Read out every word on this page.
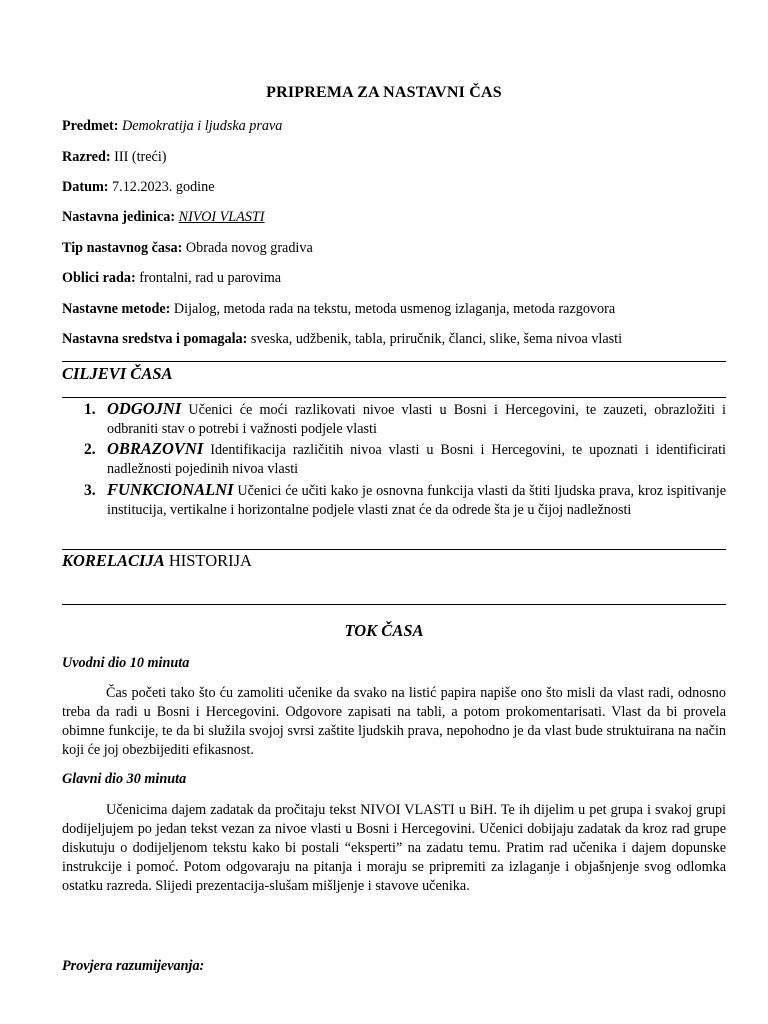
PRIPREMA ZA NASTAVNI ČAS
Predmet: Demokratija i ljudska prava
Razred: III (treći)
Datum: 7.12.2023. godine
Nastavna jedinica: NIVOI VLASTI
Tip nastavnog časa: Obrada novog gradiva
Oblici rada: frontalni, rad u parovima
Nastavne metode: Dijalog, metoda rada na tekstu, metoda usmenog izlaganja, metoda razgovora
Nastavna sredstva i pomagala: sveska, udžbenik, tabla, priručnik, članci, slike, šema nivoa vlasti
CILJEVI ČASA
1. ODGOJNI Učenici će moći razlikovati nivoe vlasti u Bosni i Hercegovini, te zauzeti, obrazložiti i odbraniti stav o potrebi i važnosti podjele vlasti
2. OBRAZOVNI Identifikacija različitih nivoa vlasti u Bosni i Hercegovini, te upoznati i identificirati nadležnosti pojedinih nivoa vlasti
3. FUNKCIONALNI Učenici će učiti kako je osnovna funkcija vlasti da štiti ljudska prava, kroz ispitivanje institucija, vertikalne i horizontalne podjele vlasti znat će da odrede šta je u čijoj nadležnosti
KORELACIJA HISTORIJA
TOK ČASA
Uvodni dio 10 minuta
Čas početi tako što ću zamoliti učenike da svako na listić papira napiše ono što misli da vlast radi, odnosno treba da radi u Bosni i Hercegovini. Odgovore zapisati na tabli, a potom prokomentarisati. Vlast da bi provela obimne funkcije, te da bi služila svojoj svrsi zaštite ljudskih prava, nepohodno je da vlast bude struktuirana na način koji će joj obezbijediti efikasnost.
Glavni dio 30 minuta
Učenicima dajem zadatak da pročitaju tekst NIVOI VLASTI u BiH. Te ih dijelim u pet grupa i svakoj grupi dodijeljujem po jedan tekst vezan za nivoe vlasti u Bosni i Hercegovini. Učenici dobijaju zadatak da kroz rad grupe diskutuju o dodijeljenom tekstu kako bi postali “eksperti” na zadatu temu. Pratim rad učenika i dajem dopunske instrukcije i pomoć. Potom odgovaraju na pitanja i moraju se pripremiti za izlaganje i objašnjenje svog odlomka ostatku razreda. Slijedi prezentacija-slušam mišljenje i stavove učenika.
Provjera razumijevanja:
